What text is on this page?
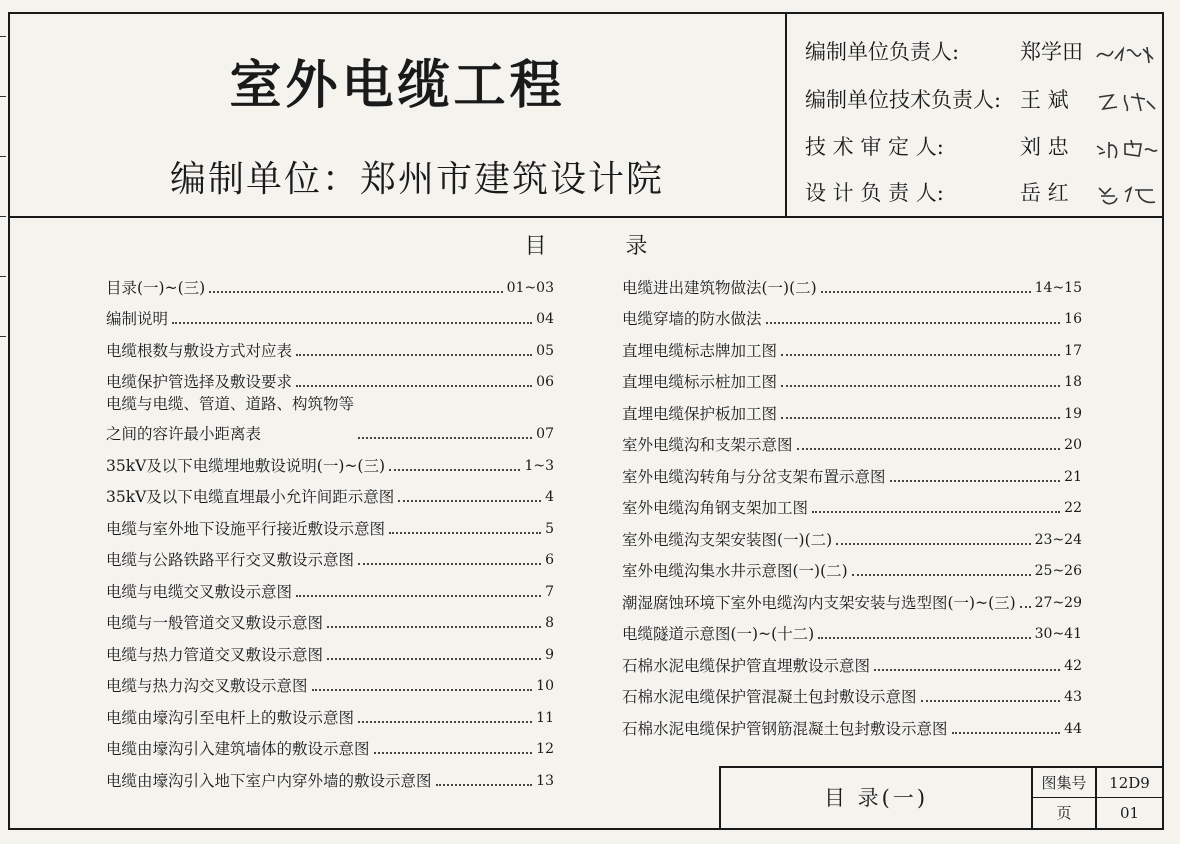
室外电缆工程
编制单位：郑州市建筑设计院
编制单位负责人:	郑学田
编制单位技术负责人: 王 斌
技 术 审 定 人:	刘 忠
设 计 负 责 人:	岳 红
目 录
目录(一)~(三)	01~03
编制说明	04
电缆根数与敷设方式对应表	05
电缆保护管选择及敷设要求	06
电缆与电缆、管道、道路、构筑物等
之间的容许最小距离表	07
35kV及以下电缆埋地敷设说明(一)~(三)	1~3
35kV及以下电缆直埋最小允许间距示意图	4
电缆与室外地下设施平行接近敷设示意图	5
电缆与公路铁路平行交叉敷设示意图	6
电缆与电缆交叉敷设示意图	7
电缆与一般管道交叉敷设示意图	8
电缆与热力管道交叉敷设示意图	9
电缆与热力沟交叉敷设示意图	10
电缆由壕沟引至电杆上的敷设示意图	11
电缆由壕沟引入建筑墙体的敷设示意图	12
电缆由壕沟引入地下室户内穿外墙的敷设示意图	13
电缆进出建筑物做法(一)(二)	14~15
电缆穿墙的防水做法	16
直埋电缆标志牌加工图	17
直埋电缆标示桩加工图	18
直埋电缆保护板加工图	19
室外电缆沟和支架示意图	20
室外电缆沟转角与分岔支架布置示意图	21
室外电缆沟角钢支架加工图	22
室外电缆沟支架安装图(一)(二)	23~24
室外电缆沟集水井示意图(一)(二)	25~26
潮湿腐蚀环境下室外电缆沟内支架安装与选型图(一)~(三) 27~29
电缆隧道示意图(一)~(十二)	30~41
石棉水泥电缆保护管直埋敷设示意图	42
石棉水泥电缆保护管混凝土包封敷设示意图	43
石棉水泥电缆保护管钢筋混凝土包封敷设示意图	44
目 录(一)
图集号	12D9
页	01
